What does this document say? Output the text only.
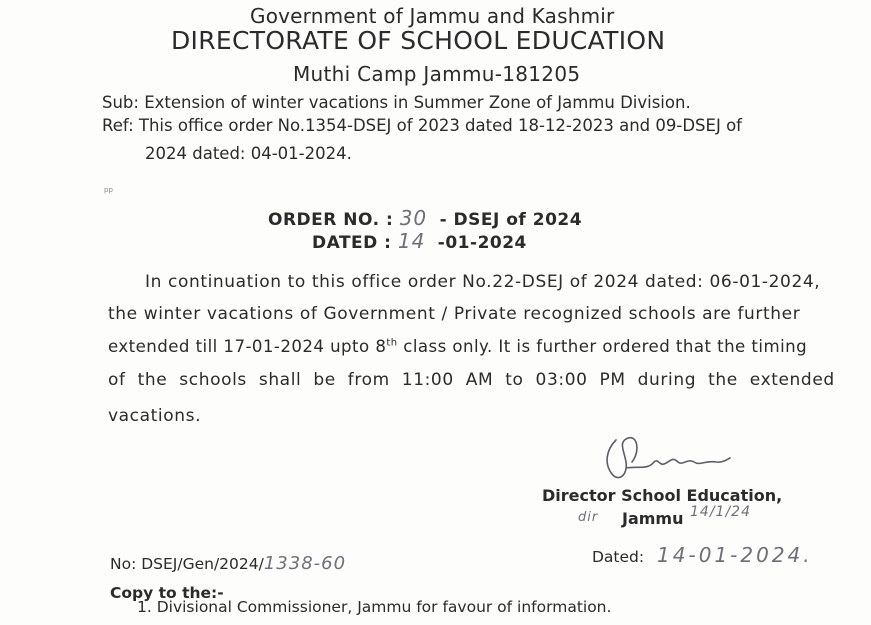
Government of Jammu and Kashmir
DIRECTORATE OF SCHOOL EDUCATION
Muthi Camp Jammu-181205
Sub: Extension of winter vacations in Summer Zone of Jammu Division.
Ref: This office order No.1354-DSEJ of 2023 dated 18-12-2023 and 09-DSEJ of
2024 dated: 04-01-2024.
pp
ORDER NO. : 30 - DSEJ of 2024
DATED : 14 -01-2024
In continuation to this office order No.22-DSEJ of 2024 dated: 06-01-2024,
the winter vacations of Government / Private recognized schools are further
extended till 17-01-2024 upto 8th class only. It is further ordered that the timing
of the schools shall be from 11:00 AM to 03:00 PM during the extended
vacations.
Director School Education,
dir Jammu 14/1/24
No: DSEJ/Gen/2024/1338-60	Dated: 14-01-2024.
Copy to the:-
1. Divisional Commissioner, Jammu for favour of information.
